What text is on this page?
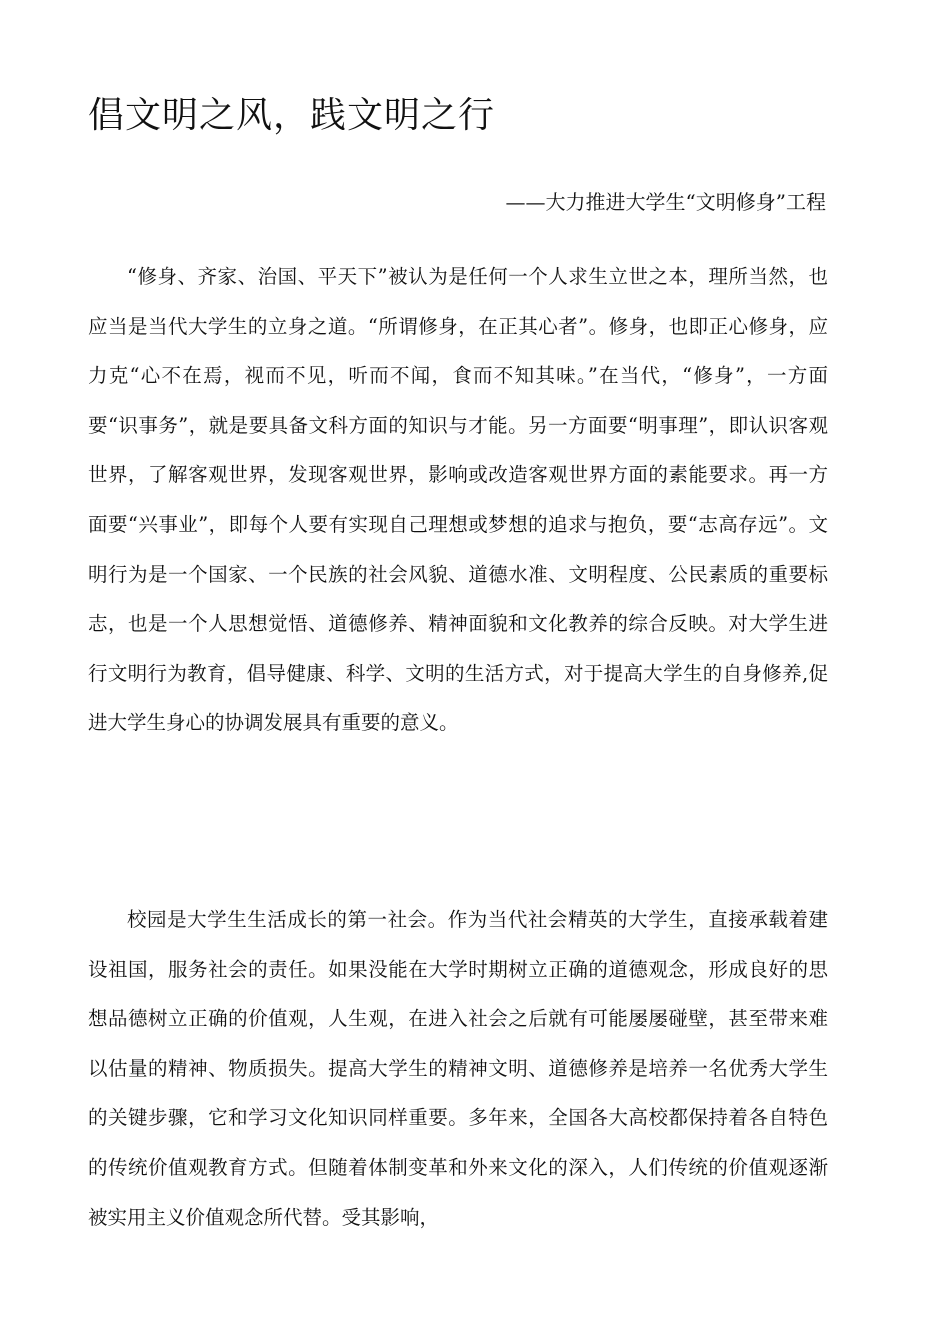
倡文明之风，践文明之行

——大力推进大学生“文明修身”工程

“修身、齐家、治国、平天下”被认为是任何一个人求生立世之本，理所当然，也应当是当代大学生的立身之道。“所谓修身，在正其心者”。修身，也即正心修身，应力克“心不在焉，视而不见，听而不闻，食而不知其味。”在当代，“修身”，一方面要“识事务”，就是要具备文科方面的知识与才能。另一方面要“明事理”，即认识客观世界，了解客观世界，发现客观世界，影响或改造客观世界方面的素能要求。再一方面要“兴事业”，即每个人要有实现自己理想或梦想的追求与抱负，要“志高存远”。文明行为是一个国家、一个民族的社会风貌、道德水准、文明程度、公民素质的重要标志，也是一个人思想觉悟、道德修养、精神面貌和文化教养的综合反映。对大学生进行文明行为教育，倡导健康、科学、文明的生活方式，对于提高大学生的自身修养,促进大学生身心的协调发展具有重要的意义。

校园是大学生生活成长的第一社会。作为当代社会精英的大学生，直接承载着建设祖国，服务社会的责任。如果没能在大学时期树立正确的道德观念，形成良好的思想品德树立正确的价值观，人生观，在进入社会之后就有可能屡屡碰壁，甚至带来难以估量的精神、物质损失。提高大学生的精神文明、道德修养是培养一名优秀大学生的关键步骤，它和学习文化知识同样重要。多年来，全国各大高校都保持着各自特色的传统价值观教育方式。但随着体制变革和外来文化的深入，人们传统的价值观逐渐被实用主义价值观念所代替。受其影响，
